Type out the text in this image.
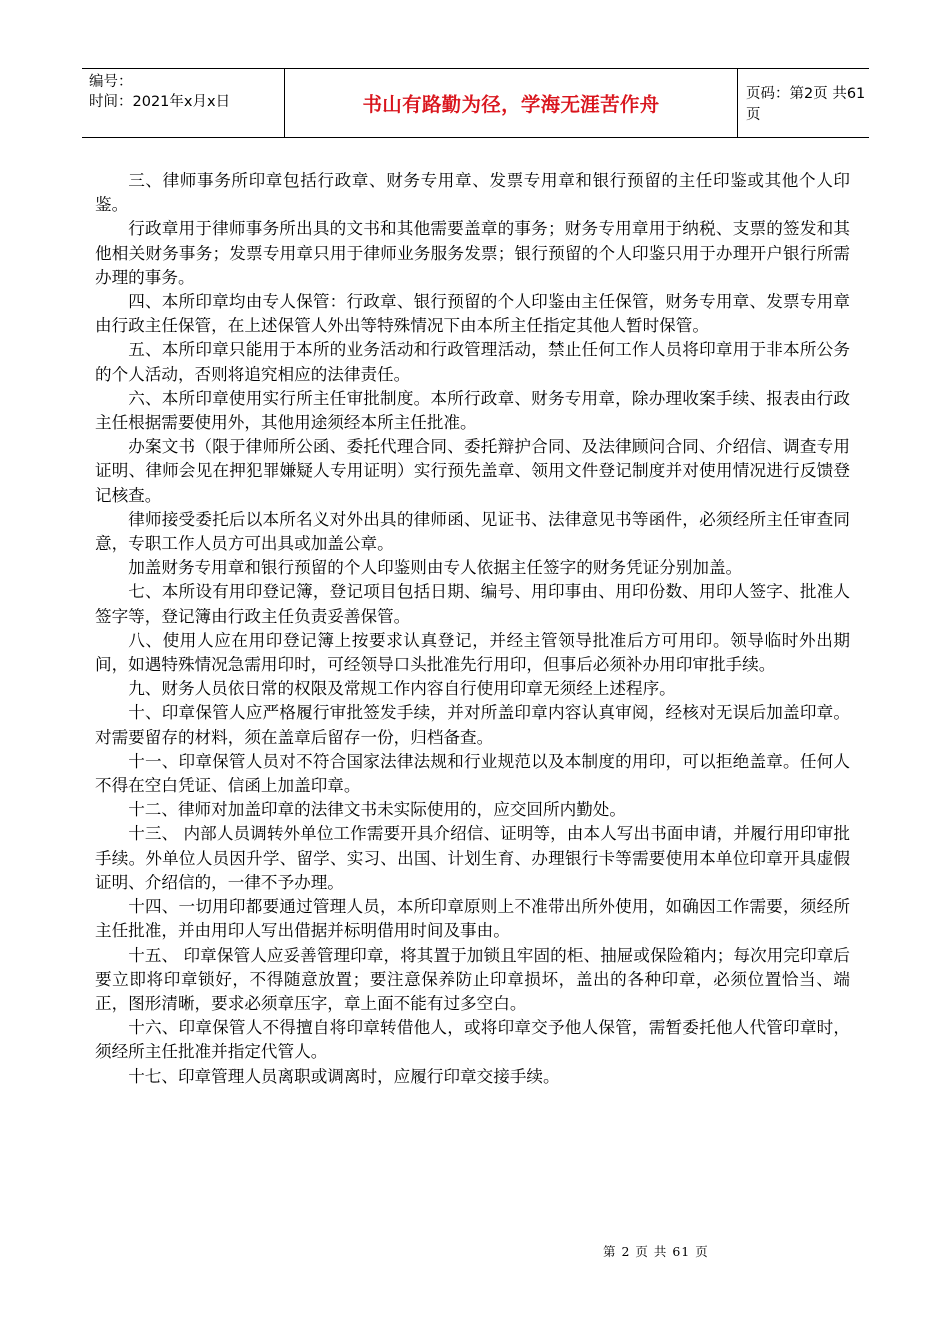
编号：
时间：2021年x月x日	书山有路勤为径，学海无涯苦作舟	页码：第2页 共61页

三、律师事务所印章包括行政章、财务专用章、发票专用章和银行预留的主任印鉴或其他个人印鉴。

行政章用于律师事务所出具的文书和其他需要盖章的事务；财务专用章用于纳税、支票的签发和其他相关财务事务；发票专用章只用于律师业务服务发票；银行预留的个人印鉴只用于办理开户银行所需办理的事务。

四、本所印章均由专人保管：行政章、银行预留的个人印鉴由主任保管，财务专用章、发票专用章由行政主任保管，在上述保管人外出等特殊情况下由本所主任指定其他人暂时保管。

五、本所印章只能用于本所的业务活动和行政管理活动，禁止任何工作人员将印章用于非本所公务的个人活动，否则将追究相应的法律责任。

六、本所印章使用实行所主任审批制度。本所行政章、财务专用章，除办理收案手续、报表由行政主任根据需要使用外，其他用途须经本所主任批准。

办案文书（限于律师所公函、委托代理合同、委托辩护合同、及法律顾问合同、介绍信、调查专用证明、律师会见在押犯罪嫌疑人专用证明）实行预先盖章、领用文件登记制度并对使用情况进行反馈登记核查。

律师接受委托后以本所名义对外出具的律师函、见证书、法律意见书等函件，必须经所主任审查同意，专职工作人员方可出具或加盖公章。

加盖财务专用章和银行预留的个人印鉴则由专人依据主任签字的财务凭证分别加盖。

七、本所设有用印登记簿，登记项目包括日期、编号、用印事由、用印份数、用印人签字、批准人签字等，登记簿由行政主任负责妥善保管。

八、使用人应在用印登记簿上按要求认真登记，并经主管领导批准后方可用印。领导临时外出期间，如遇特殊情况急需用印时，可经领导口头批准先行用印，但事后必须补办用印审批手续。

九、财务人员依日常的权限及常规工作内容自行使用印章无须经上述程序。

十、印章保管人应严格履行审批签发手续，并对所盖印章内容认真审阅，经核对无误后加盖印章。对需要留存的材料，须在盖章后留存一份，归档备查。

十一、印章保管人员对不符合国家法律法规和行业规范以及本制度的用印，可以拒绝盖章。任何人不得在空白凭证、信函上加盖印章。

十二、律师对加盖印章的法律文书未实际使用的，应交回所内勤处。

十三、 内部人员调转外单位工作需要开具介绍信、证明等，由本人写出书面申请，并履行用印审批手续。外单位人员因升学、留学、实习、出国、计划生育、办理银行卡等需要使用本单位印章开具虚假证明、介绍信的，一律不予办理。

十四、一切用印都要通过管理人员，本所印章原则上不准带出所外使用，如确因工作需要，须经所主任批准，并由用印人写出借据并标明借用时间及事由。

十五、 印章保管人应妥善管理印章，将其置于加锁且牢固的柜、抽屉或保险箱内；每次用完印章后要立即将印章锁好，不得随意放置；要注意保养防止印章损坏，盖出的各种印章，必须位置恰当、端正，图形清晰，要求必须章压字，章上面不能有过多空白。

十六、印章保管人不得擅自将印章转借他人，或将印章交予他人保管，需暂委托他人代管印章时，须经所主任批准并指定代管人。

十七、印章管理人员离职或调离时，应履行印章交接手续。

第 2 页 共 61 页
